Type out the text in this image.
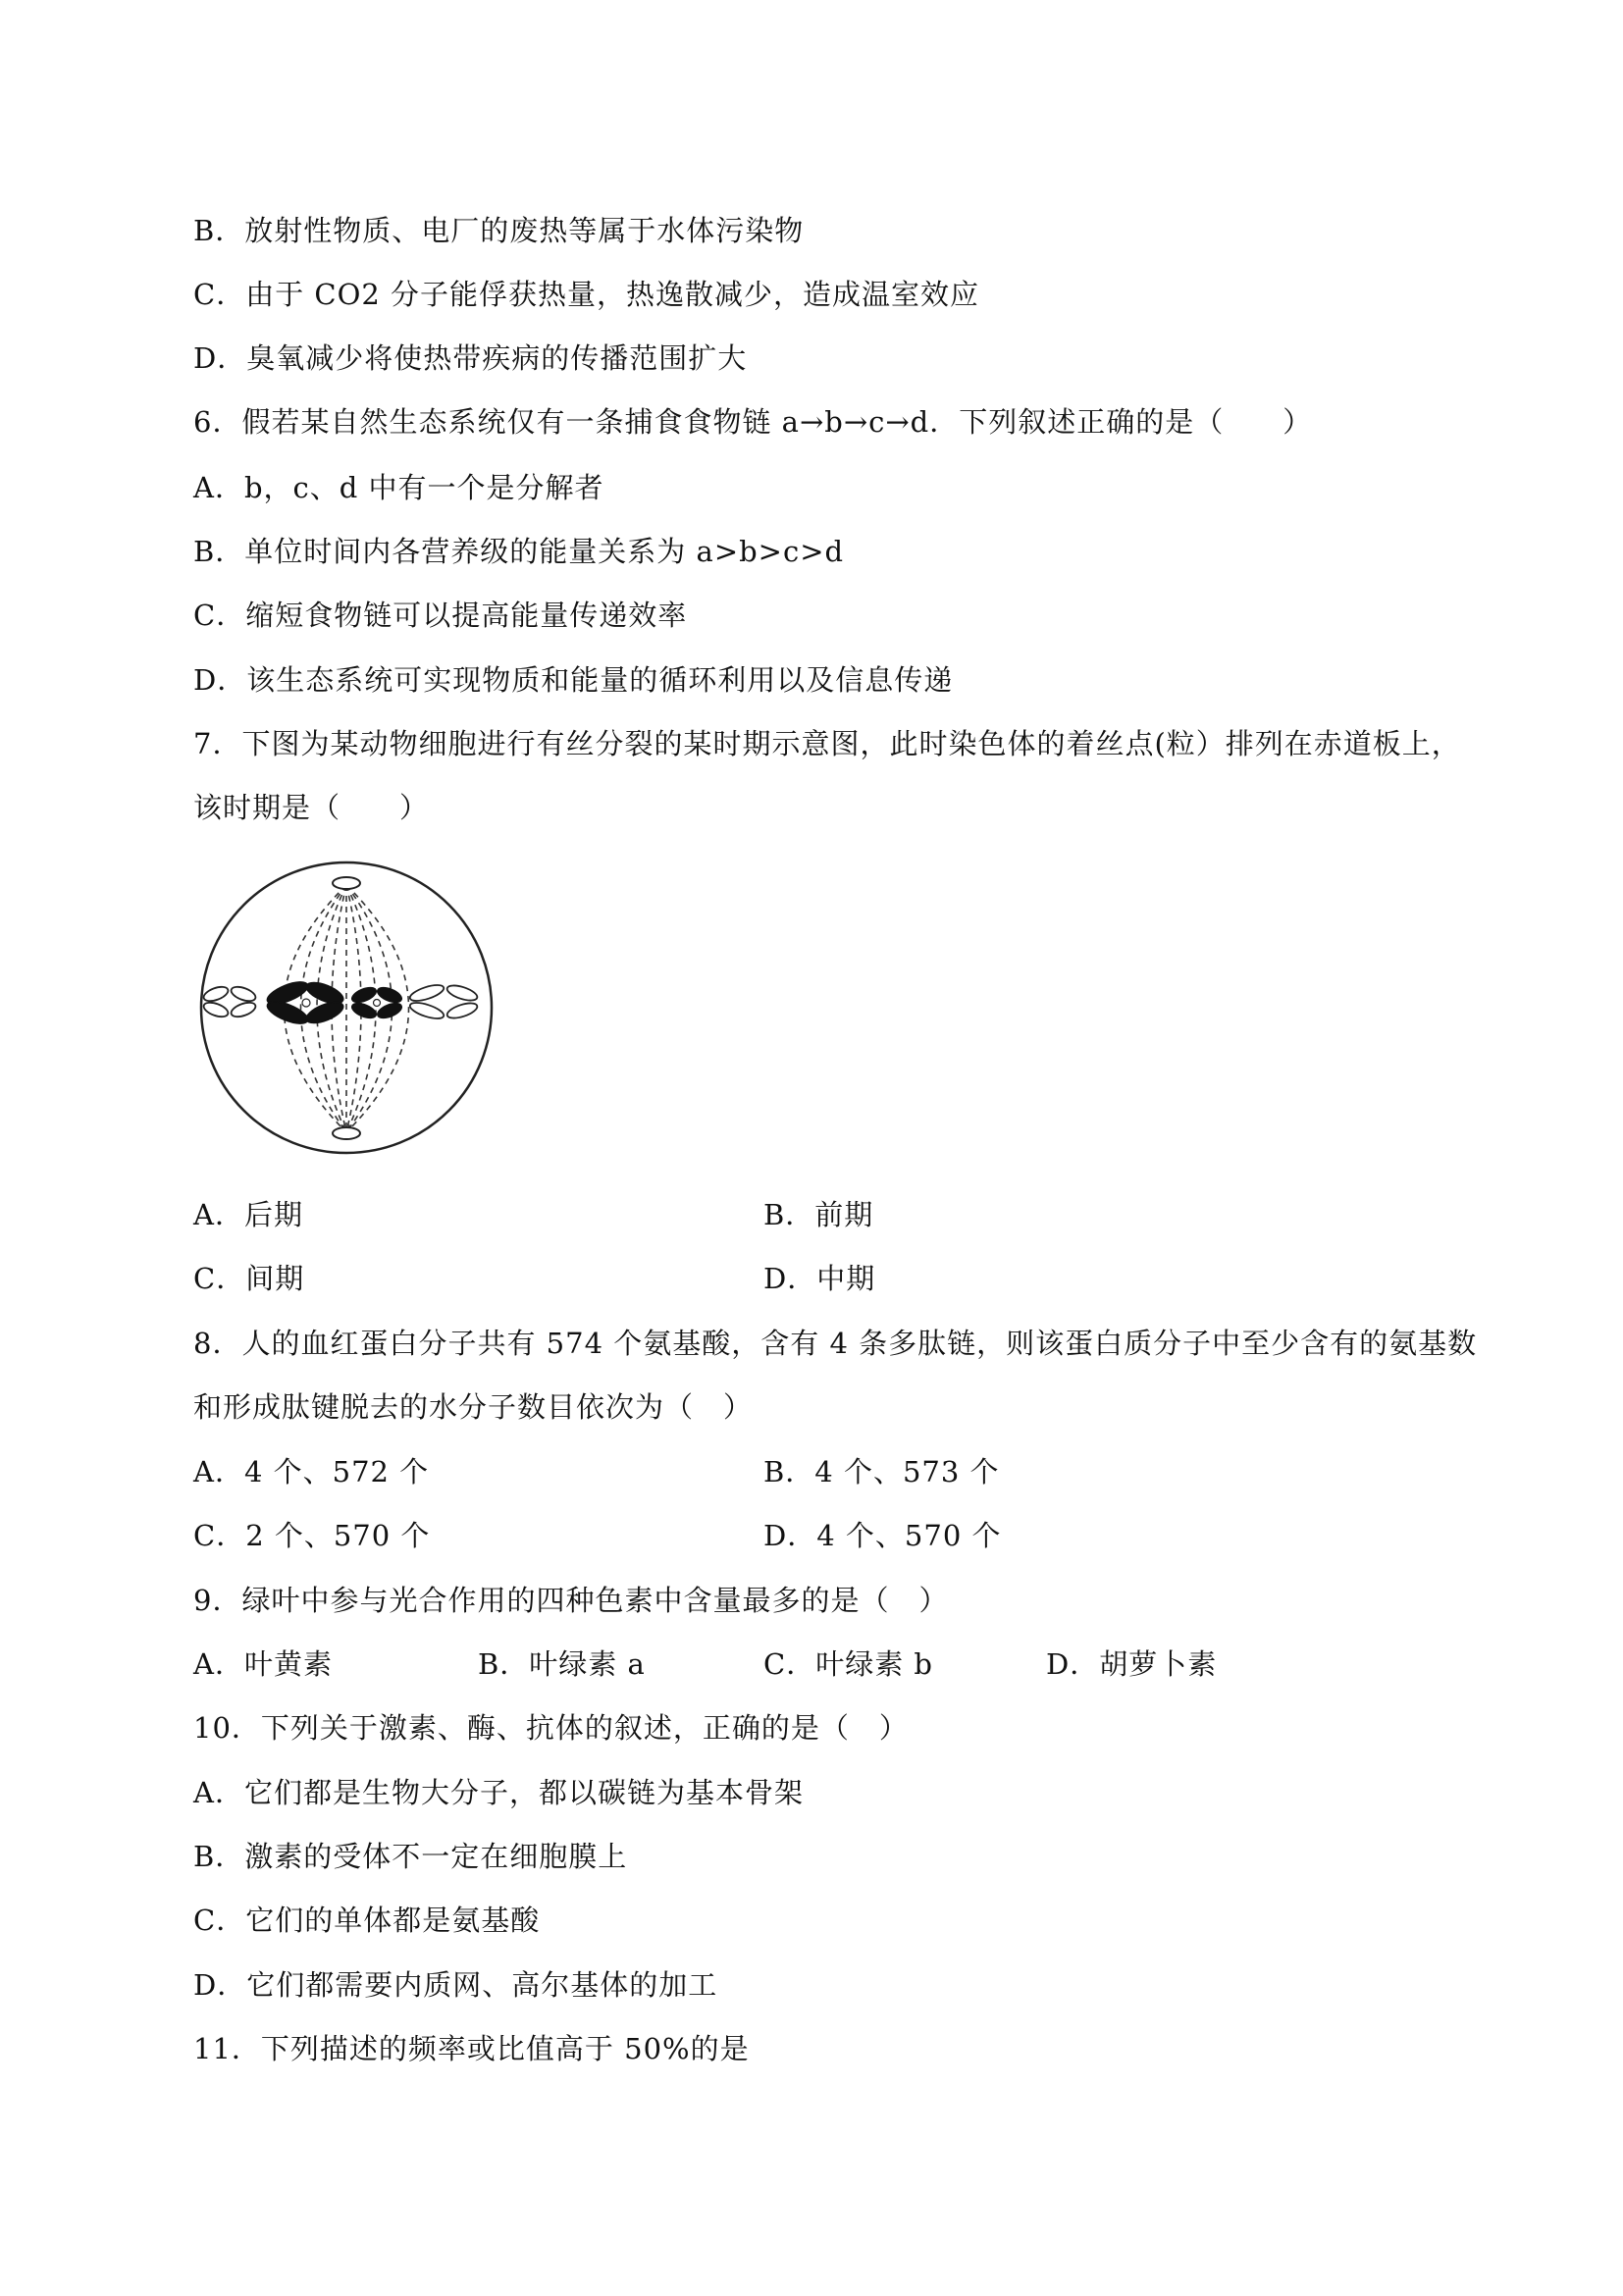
B．放射性物质、电厂的废热等属于水体污染物
C．由于 CO2 分子能俘获热量，热逸散减少，造成温室效应
D．臭氧减少将使热带疾病的传播范围扩大
6．假若某自然生态系统仅有一条捕食食物链 a→b→c→d．下列叙述正确的是（　　）
A．b，c、d 中有一个是分解者
B．单位时间内各营养级的能量关系为 a>b>c>d
C．缩短食物链可以提高能量传递效率
D．该生态系统可实现物质和能量的循环利用以及信息传递
7．下图为某动物细胞进行有丝分裂的某时期示意图，此时染色体的着丝点(粒）排列在赤道板上，
该时期是（　　）
A．后期	B．前期
C．间期	D．中期
8．人的血红蛋白分子共有 574 个氨基酸，含有 4 条多肽链，则该蛋白质分子中至少含有的氨基数
和形成肽键脱去的水分子数目依次为（　）
A．4 个、572 个	B．4 个、573 个
C．2 个、570 个	D．4 个、570 个
9．绿叶中参与光合作用的四种色素中含量最多的是（　）
A．叶黄素	B．叶绿素 a	C．叶绿素 b	D．胡萝卜素
10．下列关于激素、酶、抗体的叙述，正确的是（　）
A．它们都是生物大分子，都以碳链为基本骨架
B．激素的受体不一定在细胞膜上
C．它们的单体都是氨基酸
D．它们都需要内质网、高尔基体的加工
11．下列描述的频率或比值高于 50%的是
